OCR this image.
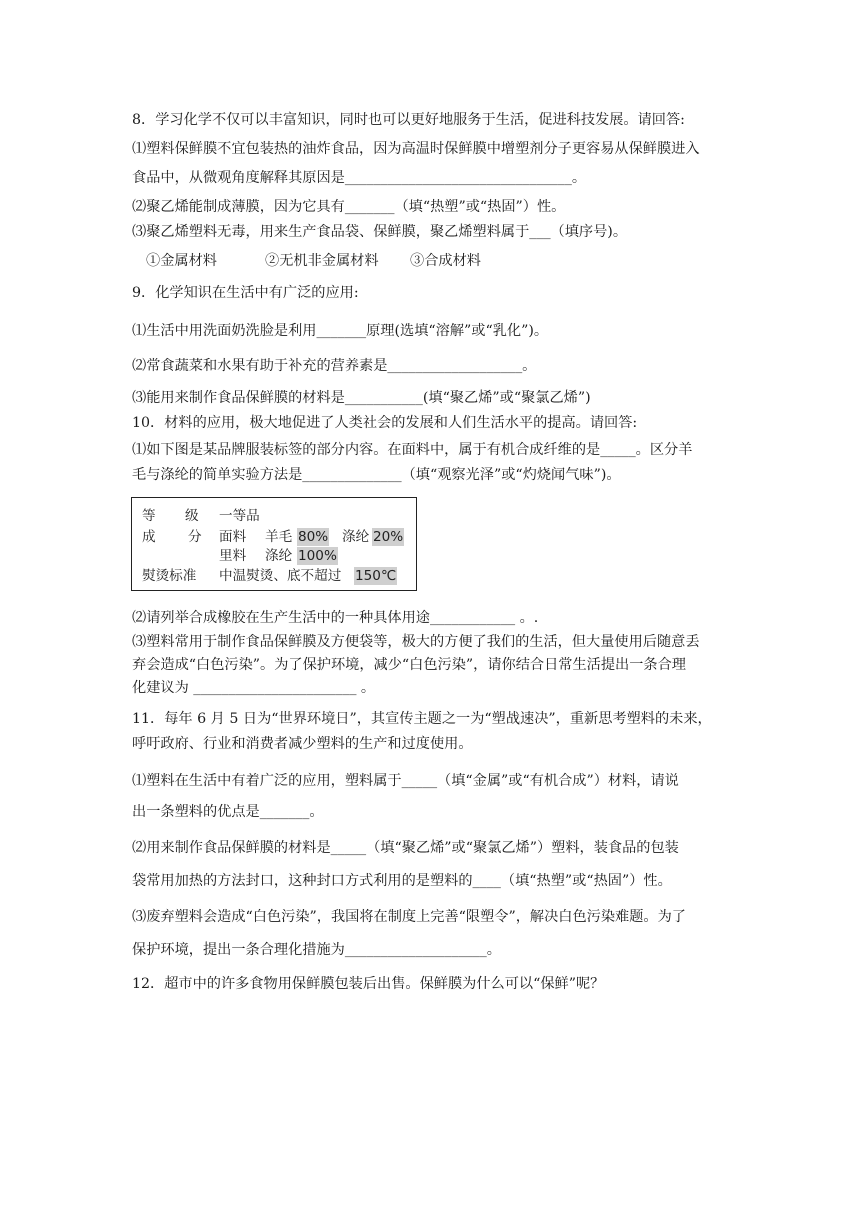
8．学习化学不仅可以丰富知识，同时也可以更好地服务于生活，促进科技发展。请回答:
⑴塑料保鲜膜不宜包装热的油炸食品，因为高温时保鲜膜中增塑剂分子更容易从保鲜膜进入
食品中，从微观角度解释其原因是________________________________。
⑵聚乙烯能制成薄膜，因为它具有_______（填“热塑”或“热固”）性。
⑶聚乙烯塑料无毒，用来生产食品袋、保鲜膜，聚乙烯塑料属于___（填序号)。
①金属材料	②无机非金属材料 ③合成材料
9．化学知识在生活中有广泛的应用:
⑴生活中用洗面奶洗脸是利用_______原理(选填“溶解”或“乳化”)。
⑵常食蔬菜和水果有助于补充的营养素是___________________。
⑶能用来制作食品保鲜膜的材料是___________(填“聚乙烯”或“聚氯乙烯”)
10．材料的应用，极大地促进了人类社会的发展和人们生活水平的提高。请回答:
⑴如下图是某品牌服装标签的部分内容。在面料中，属于有机合成纤维的是_____。区分羊
毛与涤纶的简单实验方法是______________（填“观察光泽”或“灼烧闻气味”)。
等 级 一等品
成 分 面料 羊毛 80% 涤纶 20%
里料 涤纶 100%
熨烫标准 中温熨烫、底不超过 150℃
⑵请列举合成橡胶在生产生活中的一种具体用途____________ 。.
⑶塑料常用于制作食品保鲜膜及方便袋等，极大的方便了我们的生活，但大量使用后随意丢
弃会造成“白色污染”。为了保护环境，减少“白色污染”，请你结合日常生活提出一条合理
化建议为 _______________________ 。
11．每年 6 月 5 日为“世界环境日”，其宣传主题之一为“塑战速决”，重新思考塑料的未来，
呼吁政府、行业和消费者减少塑料的生产和过度使用。
⑴塑料在生活中有着广泛的应用，塑料属于_____（填“金属”或“有机合成”）材料，请说
出一条塑料的优点是_______。
⑵用来制作食品保鲜膜的材料是_____（填“聚乙烯”或“聚氯乙烯”）塑料，装食品的包装
袋常用加热的方法封口，这种封口方式利用的是塑料的____（填“热塑”或“热固”）性。
⑶废弃塑料会造成“白色污染”，我国将在制度上完善“限塑令”，解决白色污染难题。为了
保护环境，提出一条合理化措施为____________________。
12．超市中的许多食物用保鲜膜包装后出售。保鲜膜为什么可以“保鲜”呢？
